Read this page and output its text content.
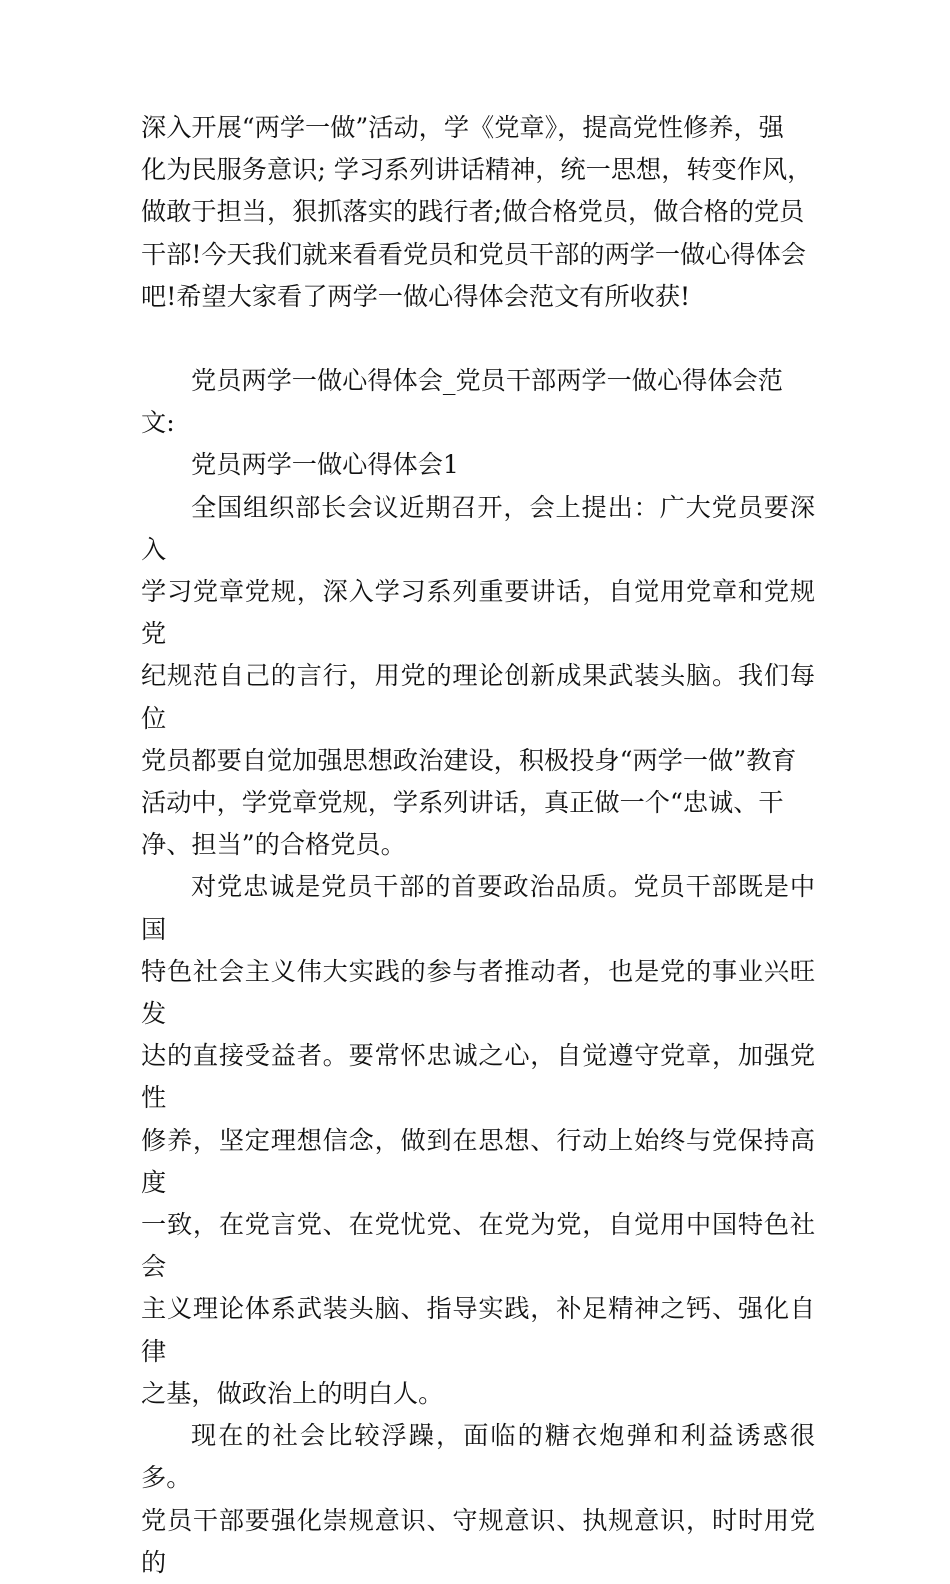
深入开展“两学一做”活动，学《党章》，提高党性修养，强
化为民服务意识; 学习系列讲话精神，统一思想，转变作风，
做敢于担当，狠抓落实的践行者;做合格党员，做合格的党员
干部!今天我们就来看看党员和党员干部的两学一做心得体会
吧!希望大家看了两学一做心得体会范文有所收获!
党员两学一做心得体会_党员干部两学一做心得体会范
文:
党员两学一做心得体会1
全国组织部长会议近期召开，会上提出：广大党员要深入
学习党章党规，深入学习系列重要讲话，自觉用党章和党规党
纪规范自己的言行，用党的理论创新成果武装头脑。我们每位
党员都要自觉加强思想政治建设，积极投身“两学一做”教育
活动中，学党章党规，学系列讲话，真正做一个“忠诚、干
净、担当”的合格党员。
对党忠诚是党员干部的首要政治品质。党员干部既是中国
特色社会主义伟大实践的参与者推动者，也是党的事业兴旺发
达的直接受益者。要常怀忠诚之心，自觉遵守党章，加强党性
修养，坚定理想信念，做到在思想、行动上始终与党保持高度
一致，在党言党、在党忧党、在党为党，自觉用中国特色社会
主义理论体系武装头脑、指导实践，补足精神之钙、强化自律
之基，做政治上的明白人。
现在的社会比较浮躁，面临的糖衣炮弹和利益诱惑很多。
党员干部要强化崇规意识、守规意识、执规意识，时时用党的
